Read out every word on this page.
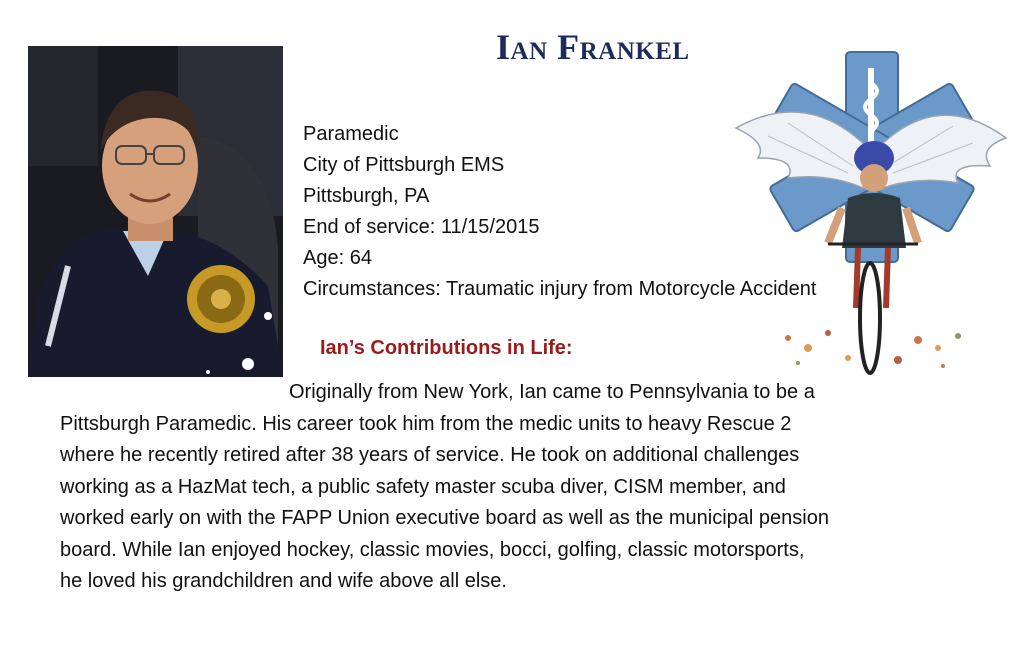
Ian Frankel
Paramedic
City of Pittsburgh EMS
Pittsburgh, PA
End of service: 11/15/2015
Age: 64
Circumstances: Traumatic injury from Motorcycle Accident
Ian’s Contributions in Life:
Originally from New York, Ian came to Pennsylvania to be a
Pittsburgh Paramedic. His career took him from the medic units to heavy Rescue 2
where he recently retired after 38 years of service. He took on additional challenges
working as a HazMat tech, a public safety master scuba diver, CISM member, and
worked early on with the FAPP Union executive board as well as the municipal pension
board. While Ian enjoyed hockey, classic movies, bocci, golfing, classic motorsports,
he loved his grandchildren and wife above all else.
